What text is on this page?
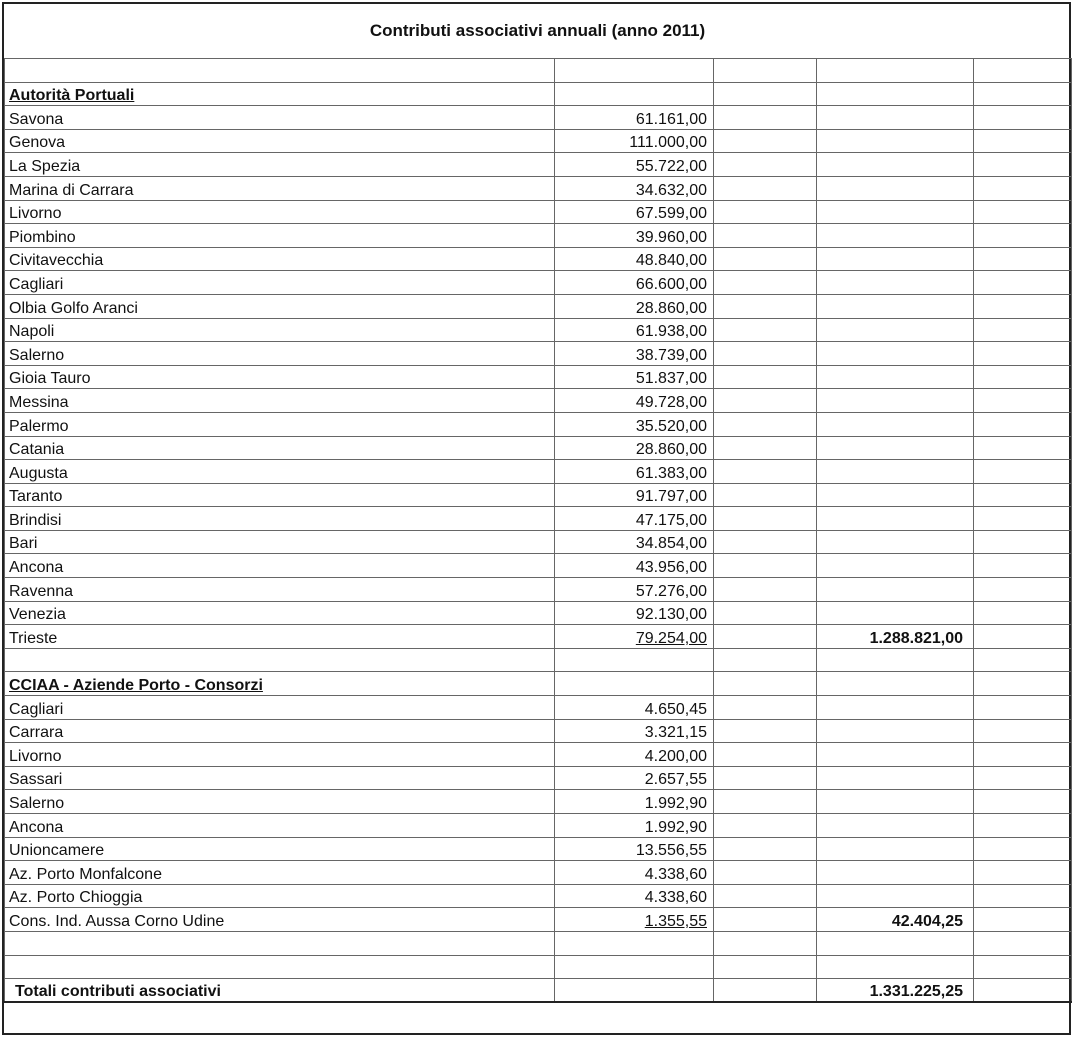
Contributi associativi annuali (anno 2011)

Autorità Portuali				
Savona	61.161,00			
Genova	111.000,00			
La Spezia	55.722,00			
Marina di Carrara	34.632,00			
Livorno	67.599,00			
Piombino	39.960,00			
Civitavecchia	48.840,00			
Cagliari	66.600,00			
Olbia Golfo Aranci	28.860,00			
Napoli	61.938,00			
Salerno	38.739,00			
Gioia Tauro	51.837,00			
Messina	49.728,00			
Palermo	35.520,00			
Catania	28.860,00			
Augusta	61.383,00			
Taranto	91.797,00			
Brindisi	47.175,00			
Bari	34.854,00			
Ancona	43.956,00			
Ravenna	57.276,00			
Venezia	92.130,00			
Trieste	79.254,00		1.288.821,00	

CCIAA - Aziende Porto - Consorzi				
Cagliari	4.650,45			
Carrara	3.321,15			
Livorno	4.200,00			
Sassari	2.657,55			
Salerno	1.992,90			
Ancona	1.992,90			
Unioncamere	13.556,55			
Az. Porto Monfalcone	4.338,60			
Az. Porto Chioggia	4.338,60			
Cons. Ind. Aussa Corno Udine	1.355,55		42.404,25	

Totali contributi associativi			1.331.225,25	
